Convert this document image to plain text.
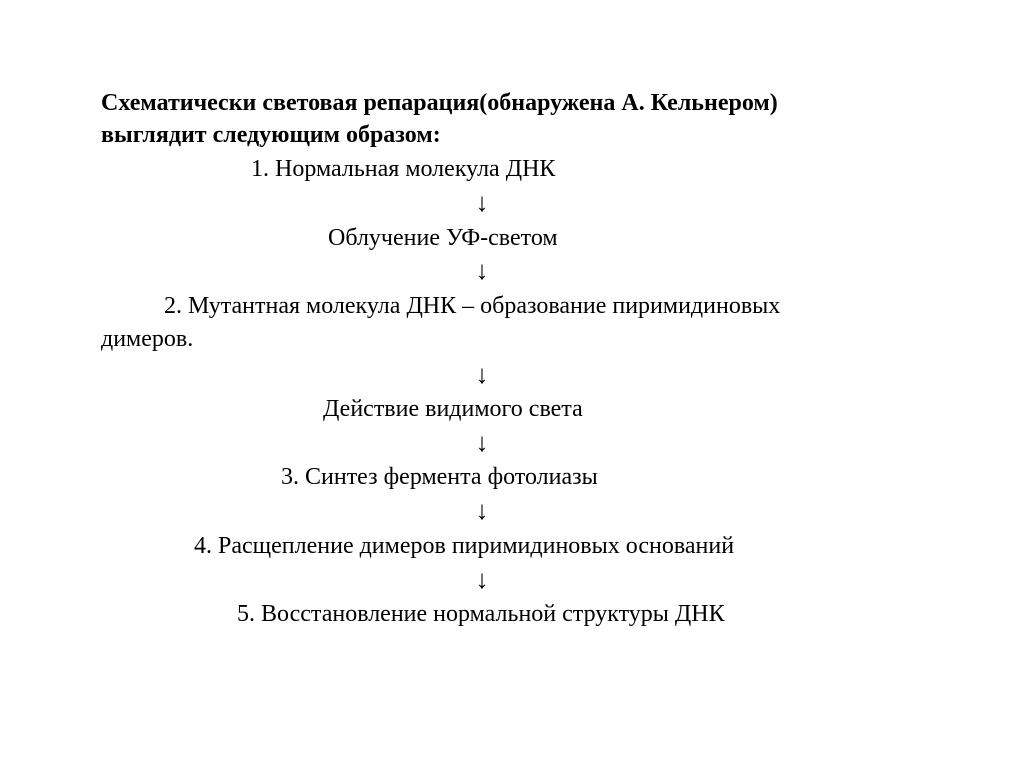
Схематически световая репарация(обнаружена А. Кельнером)
выглядит следующим образом:
1. Нормальная молекула ДНК
↓
Облучение УФ-светом
↓
2. Мутантная молекула ДНК – образование пиримидиновых
димеров.
↓
Действие видимого света
↓
3. Синтез фермента фотолиазы
↓
4. Расщепление димеров пиримидиновых оснований
↓
5. Восстановление нормальной структуры ДНК
